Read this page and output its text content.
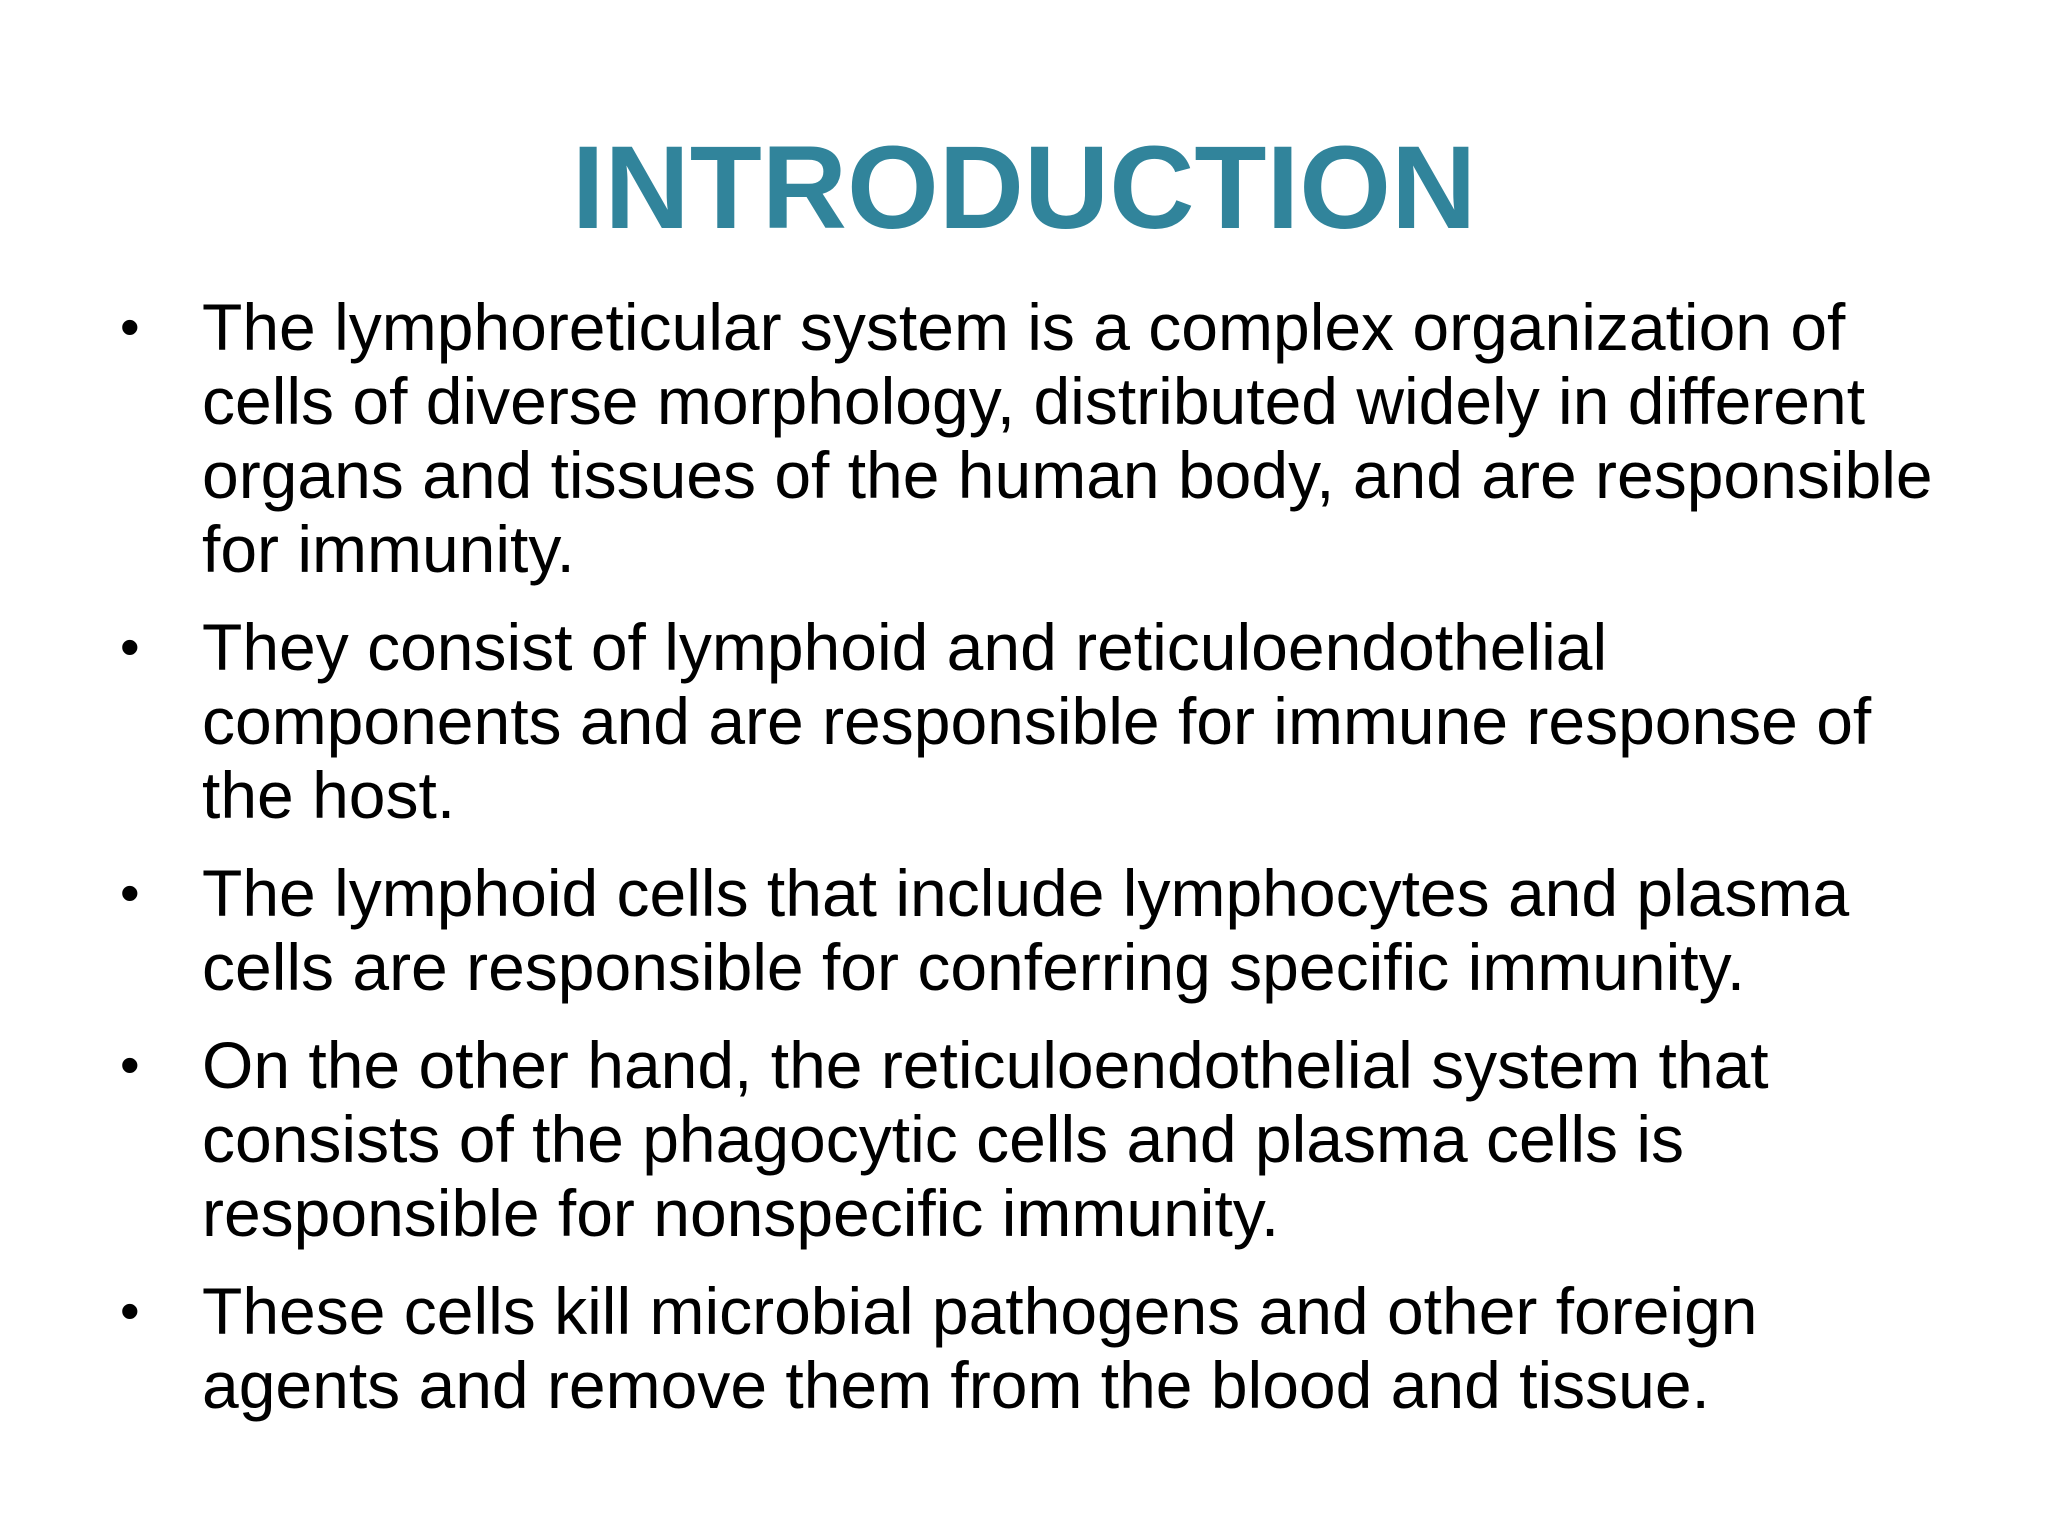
INTRODUCTION
• The lymphoreticular system is a complex organization of cells of diverse morphology, distributed widely in different organs and tissues of the human body, and are responsible for immunity.
• They consist of lymphoid and reticuloendothelial components and are responsible for immune response of the host.
• The lymphoid cells that include lymphocytes and plasma cells are responsible for conferring specific immunity.
• On the other hand, the reticuloendothelial system that consists of the phagocytic cells and plasma cells is responsible for nonspecific immunity.
• These cells kill microbial pathogens and other foreign agents and remove them from the blood and tissue.
